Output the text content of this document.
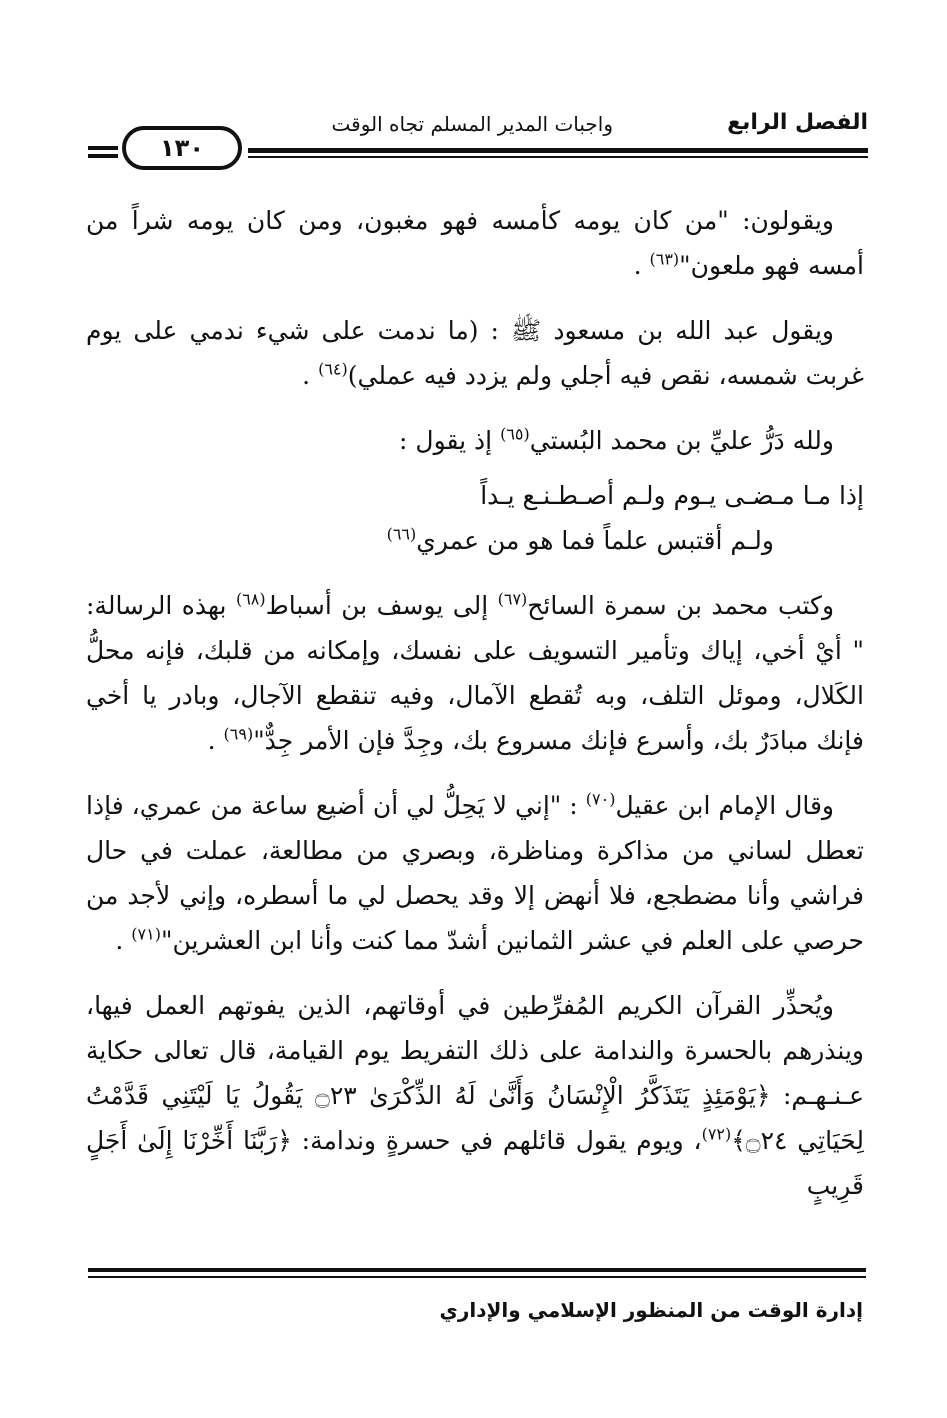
الفصل الرابع
واجبات المدير المسلم تجاه الوقت
١٣٠

ويقولون: "من كان يومه كأمسه فهو مغبون، ومن كان يومه شراً من أمسه فهو ملعون"$^{(٦٣)}$ .

ويقول عبد الله بن مسعود ﷺ : (ما ندمت على شيء ندمي على يوم غربت شمسه، نقص فيه أجلي ولم يزدد فيه عملي)$^{(٦٤)}$ .

ولله دَرُّ عليِّ بن محمد البُستي$^{(٦٥)}$ إذ يقول :

إذا مـا مـضـى يـوم ولـم أصـطـنـع يـداً

ولـم أقتبس علماً فما هو من عمري$^{(٦٦)}$

وكتب محمد بن سمرة السائح$^{(٦٧)}$ إلى يوسف بن أسباط$^{(٦٨)}$ بهذه الرسالة: " أيْ أخي، إياك وتأمير التسويف على نفسك، وإمكانه من قلبك، فإنه محلُّ الكَلال، وموئل التلف، وبه تُقطع الآمال، وفيه تنقطع الآجال، وبادر يا أخي فإنك مبادَرٌ بك، وأسرع فإنك مسروع بك، وجِدَّ فإن الأمر جِدٌّ"$^{(٦٩)}$ .

وقال الإمام ابن عقيل$^{(٧٠)}$ : "إني لا يَحِلُّ لي أن أضيع ساعة من عمري، فإذا تعطل لساني من مذاكرة ومناظرة، وبصري من مطالعة، عملت في حال فراشي وأنا مضطجع، فلا أنهض إلا وقد يحصل لي ما أسطره، وإني لأجد من حرصي على العلم في عشر الثمانين أشدّ مما كنت وأنا ابن العشرين"$^{(٧١)}$ .

ويُحذِّر القرآن الكريم المُفرِّطين في أوقاتهم، الذين يفوتهم العمل فيها، وينذرهم بالحسرة والندامة على ذلك التفريط يوم القيامة، قال تعالى حكاية عـنـهـم: ﴿يَوْمَئِذٍ يَتَذَكَّرُ الْإِنْسَانُ وَأَنَّىٰ لَهُ الذِّكْرَىٰ ۝٢٣ يَقُولُ يَا لَيْتَنِي قَدَّمْتُ لِحَيَاتِي ۝٢٤﴾$^{(٧٢)}$، ويوم يقول قائلهم في حسرةٍ وندامة: ﴿رَبَّنَا أَخِّرْنَا إِلَىٰ أَجَلٍ قَرِيبٍ

إدارة الوقت من المنظور الإسلامي والإداري
